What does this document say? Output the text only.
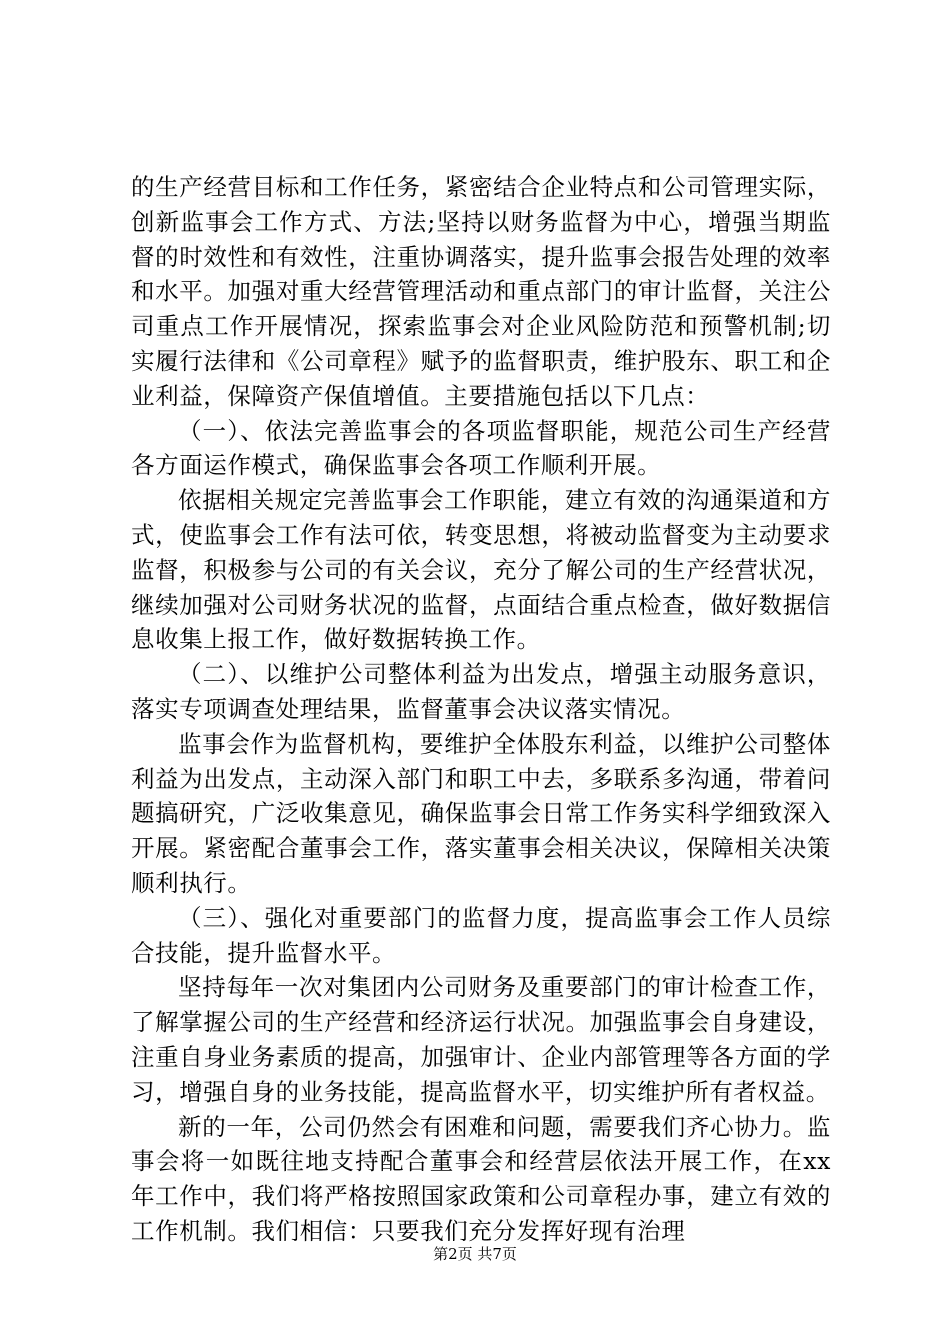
的生产经营目标和工作任务，紧密结合企业特点和公司管理实际，创新监事会工作方式、方法;坚持以财务监督为中心，增强当期监督的时效性和有效性，注重协调落实，提升监事会报告处理的效率和水平。加强对重大经营管理活动和重点部门的审计监督，关注公司重点工作开展情况，探索监事会对企业风险防范和预警机制;切实履行法律和《公司章程》赋予的监督职责，维护股东、职工和企业利益，保障资产保值增值。主要措施包括以下几点：

（一）、依法完善监事会的各项监督职能，规范公司生产经营各方面运作模式，确保监事会各项工作顺利开展。

依据相关规定完善监事会工作职能，建立有效的沟通渠道和方式，使监事会工作有法可依，转变思想，将被动监督变为主动要求监督，积极参与公司的有关会议，充分了解公司的生产经营状况，继续加强对公司财务状况的监督，点面结合重点检查，做好数据信息收集上报工作，做好数据转换工作。

（二）、以维护公司整体利益为出发点，增强主动服务意识，落实专项调查处理结果，监督董事会决议落实情况。

监事会作为监督机构，要维护全体股东利益，以维护公司整体利益为出发点，主动深入部门和职工中去，多联系多沟通，带着问题搞研究，广泛收集意见，确保监事会日常工作务实科学细致深入开展。紧密配合董事会工作，落实董事会相关决议，保障相关决策顺利执行。

（三）、强化对重要部门的监督力度，提高监事会工作人员综合技能，提升监督水平。

坚持每年一次对集团内公司财务及重要部门的审计检查工作，了解掌握公司的生产经营和经济运行状况。加强监事会自身建设，注重自身业务素质的提高，加强审计、企业内部管理等各方面的学习，增强自身的业务技能，提高监督水平，切实维护所有者权益。

新的一年，公司仍然会有困难和问题，需要我们齐心协力。监事会将一如既往地支持配合董事会和经营层依法开展工作，在xx年工作中，我们将严格按照国家政策和公司章程办事，建立有效的工作机制。我们相信：只要我们充分发挥好现有治理

第2页 共7页
